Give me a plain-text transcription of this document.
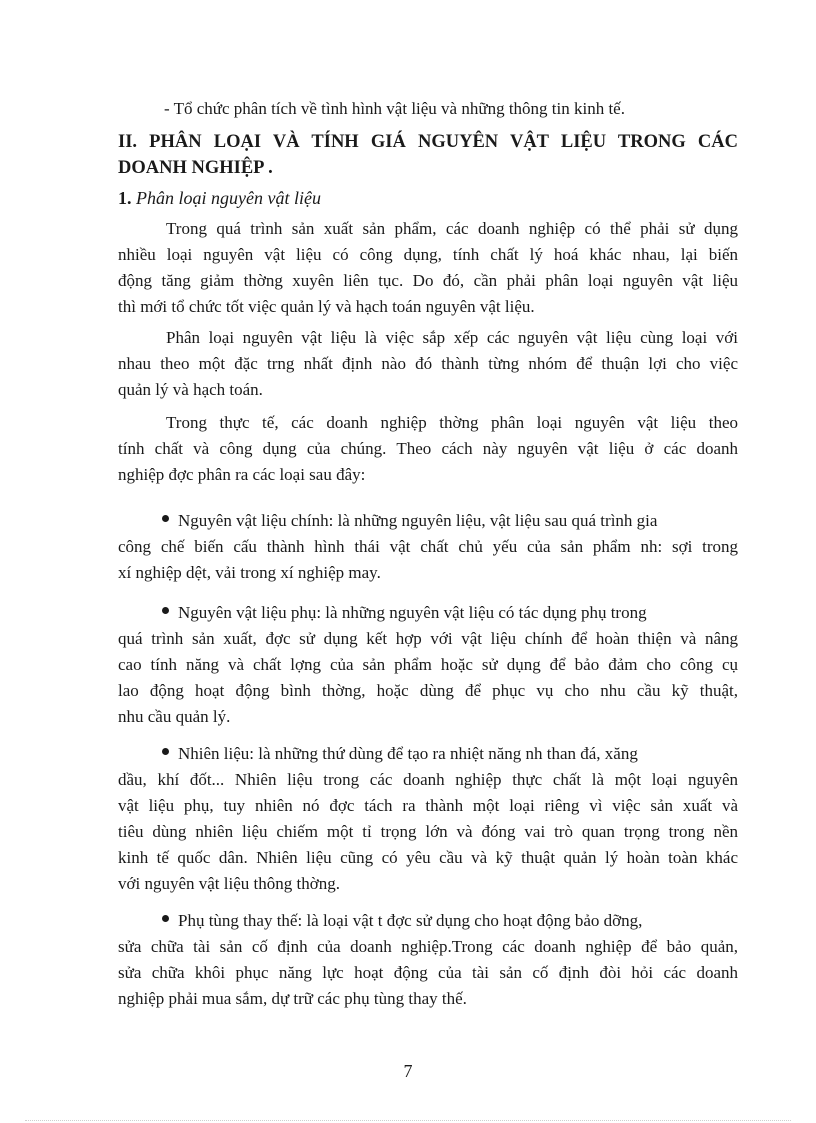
- Tổ chức phân tích về tình hình vật liệu và những thông tin kinh tế.
II. PHÂN LOẠI VÀ TÍNH GIÁ NGUYÊN VẬT LIỆU TRONG CÁC
DOANH NGHIỆP .
1. Phân loại nguyên vật liệu
Trong quá trình sản xuất sản phẩm, các doanh nghiệp có thể phải sử dụng
nhiều loại nguyên vật liệu có công dụng, tính chất lý hoá khác nhau, lại biến
động tăng giảm thờng xuyên liên tục. Do đó, cần phải phân loại nguyên vật liệu
thì mới tổ chức tốt việc quản lý và hạch toán nguyên vật liệu.
Phân loại nguyên vật liệu là việc sắp xếp các nguyên vật liệu cùng loại với
nhau theo một đặc trng nhất định nào đó thành từng nhóm để thuận lợi cho việc
quản lý và hạch toán.
Trong thực tế, các doanh nghiệp thờng phân loại nguyên vật liệu theo
tính chất và công dụng của chúng. Theo cách này nguyên vật liệu ở các doanh
nghiệp đợc phân ra các loại sau đây:
Nguyên vật liệu chính: là những nguyên liệu, vật liệu sau quá trình gia
công chế biến cấu thành hình thái vật chất chủ yếu của sản phẩm nh: sợi trong
xí nghiệp dệt, vải trong xí nghiệp may.
Nguyên vật liệu phụ: là những nguyên vật liệu có tác dụng phụ trong
quá trình sản xuất, đợc sử dụng kết hợp với vật liệu chính để hoàn thiện và nâng
cao tính năng và chất lợng của sản phẩm hoặc sử dụng để bảo đảm cho công cụ
lao động hoạt động bình thờng, hoặc dùng để phục vụ cho nhu cầu kỹ thuật,
nhu cầu quản lý.
Nhiên liệu: là những thứ dùng để tạo ra nhiệt năng nh than đá, xăng
dầu, khí đốt... Nhiên liệu trong các doanh nghiệp thực chất là một loại nguyên
vật liệu phụ, tuy nhiên nó đợc tách ra thành một loại riêng vì việc sản xuất và
tiêu dùng nhiên liệu chiếm một tỉ trọng lớn và đóng vai trò quan trọng trong nền
kinh tế quốc dân. Nhiên liệu cũng có yêu cầu và kỹ thuật quản lý hoàn toàn khác
với nguyên vật liệu thông thờng.
Phụ tùng thay thế: là loại vật t đợc sử dụng cho hoạt động bảo dỡng,
sửa chữa tài sản cố định của doanh nghiệp.Trong các doanh nghiệp để bảo quản,
sửa chữa khôi phục năng lực hoạt động của tài sản cố định đòi hỏi các doanh
nghiệp phải mua sắm, dự trữ các phụ tùng thay thế.
7
